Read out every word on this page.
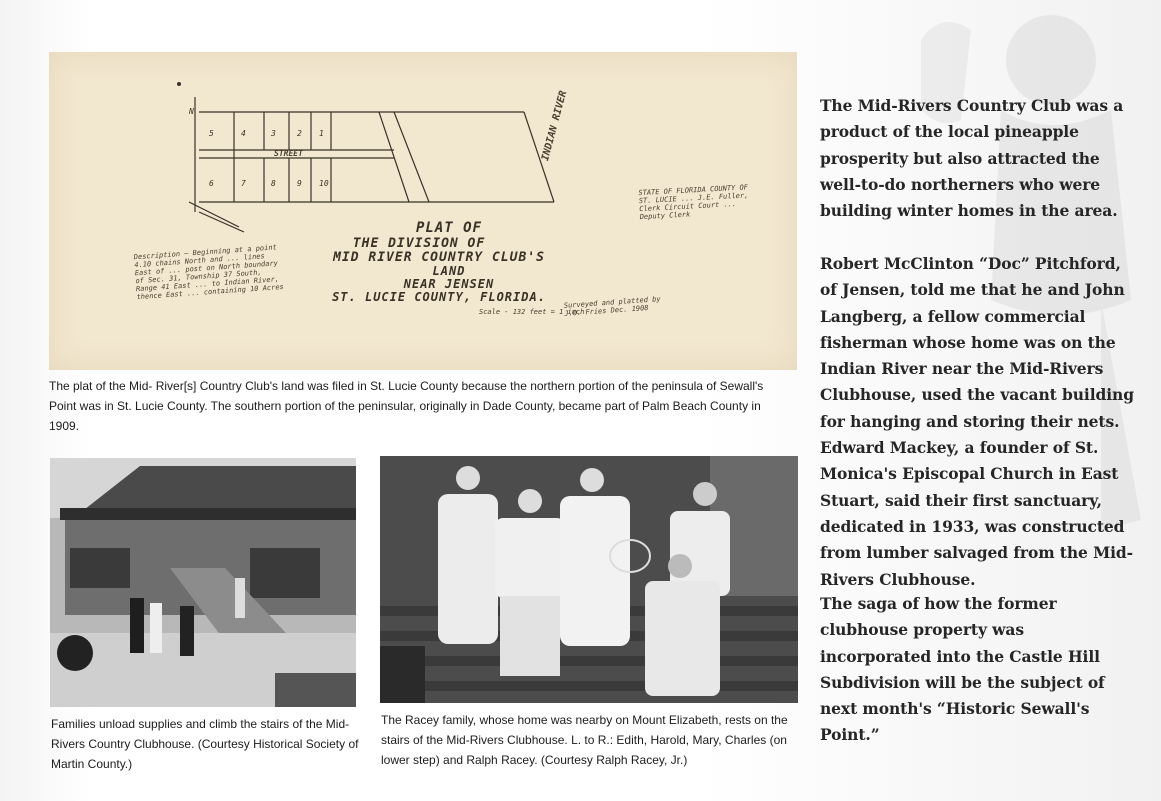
5	4	3	2 1
6	7	8	9 10
N
STREET	INDIAN RIVER
Description — Beginning at a point 4.10 chains North and ... lines East of ... post on North boundary of Sec. 31, Township 37 South, Range 41 East ... to Indian River, thence East ... containing 10 Acres
STATE OF FLORIDA COUNTY OF ST. LUCIE ... J.E. Fuller, Clerk Circuit Court ... Deputy Clerk
PLAT OF
THE DIVISION OF
MID RIVER COUNTRY CLUB'S
LAND
NEAR JENSEN
ST. LUCIE COUNTY, FLORIDA.	Surveyed and platted by J.O. Fries Dec. 1908
Scale - 132 feet = 1 inch
The plat of the Mid- River[s] Country Club's land was filed in St. Lucie County because the northern portion of the peninsula of Sewall's Point was in St. Lucie County. The southern portion of the peninsular, originally in Dade County, became part of Palm Beach County in 1909.
Families unload supplies and climb the stairs of the Mid-Rivers Country Clubhouse. (Courtesy Historical Society of Martin County.)
The Racey family, whose home was nearby on Mount Elizabeth, rests on the stairs of the Mid-Rivers Clubhouse. L. to R.: Edith, Harold, Mary, Charles (on lower step) and Ralph Racey. (Courtesy Ralph Racey, Jr.)
The Mid-Rivers Country Club was a product of the local pineapple prosperity but also attracted the well-to-do northerners who were building winter homes in the area.
Robert McClinton “Doc” Pitchford, of Jensen, told me that he and John Langberg, a fellow commercial fisherman whose home was on the Indian River near the Mid-Rivers Clubhouse, used the vacant building for hanging and storing their nets. Edward Mackey, a founder of St. Monica's Episcopal Church in East Stuart, said their first sanctuary, dedicated in 1933, was constructed from lumber salvaged from the Mid-Rivers Clubhouse.
The saga of how the former clubhouse property was incorporated into the Castle Hill Subdivision will be the subject of next month's “Historic Sewall's Point.”
